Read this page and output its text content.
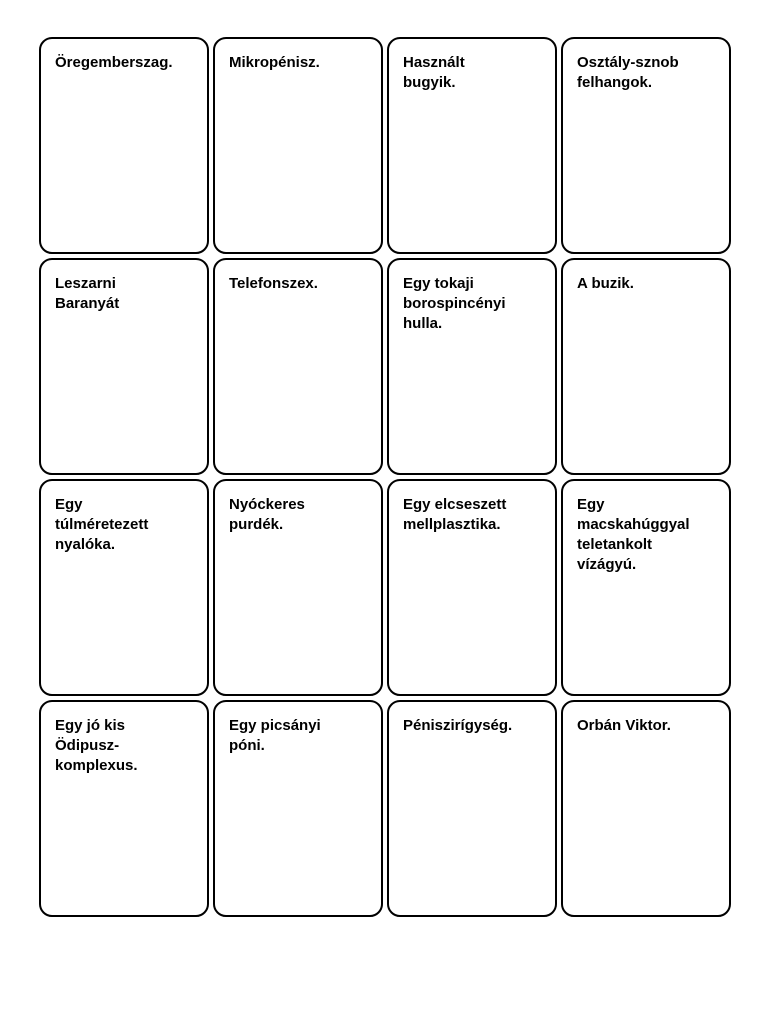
Öregemberszag.	Mikropénisz.	Használt
bugyik.
Osztály-sznob
felhangok.
Leszarni
Baranyát
Telefonszex.	Egy tokaji
borospincényi
hulla.
A buzik.
Egy
túlméretezett
nyalóka.
Nyóckeres
purdék.
Egy elcseszett
mellplasztika.
Egy
macskahúggyal
teletankolt
vízágyú.
Egy jó kis
Ödipusz-
komplexus.
Egy picsányi
póni.
Péniszirígység.	Orbán Viktor.
